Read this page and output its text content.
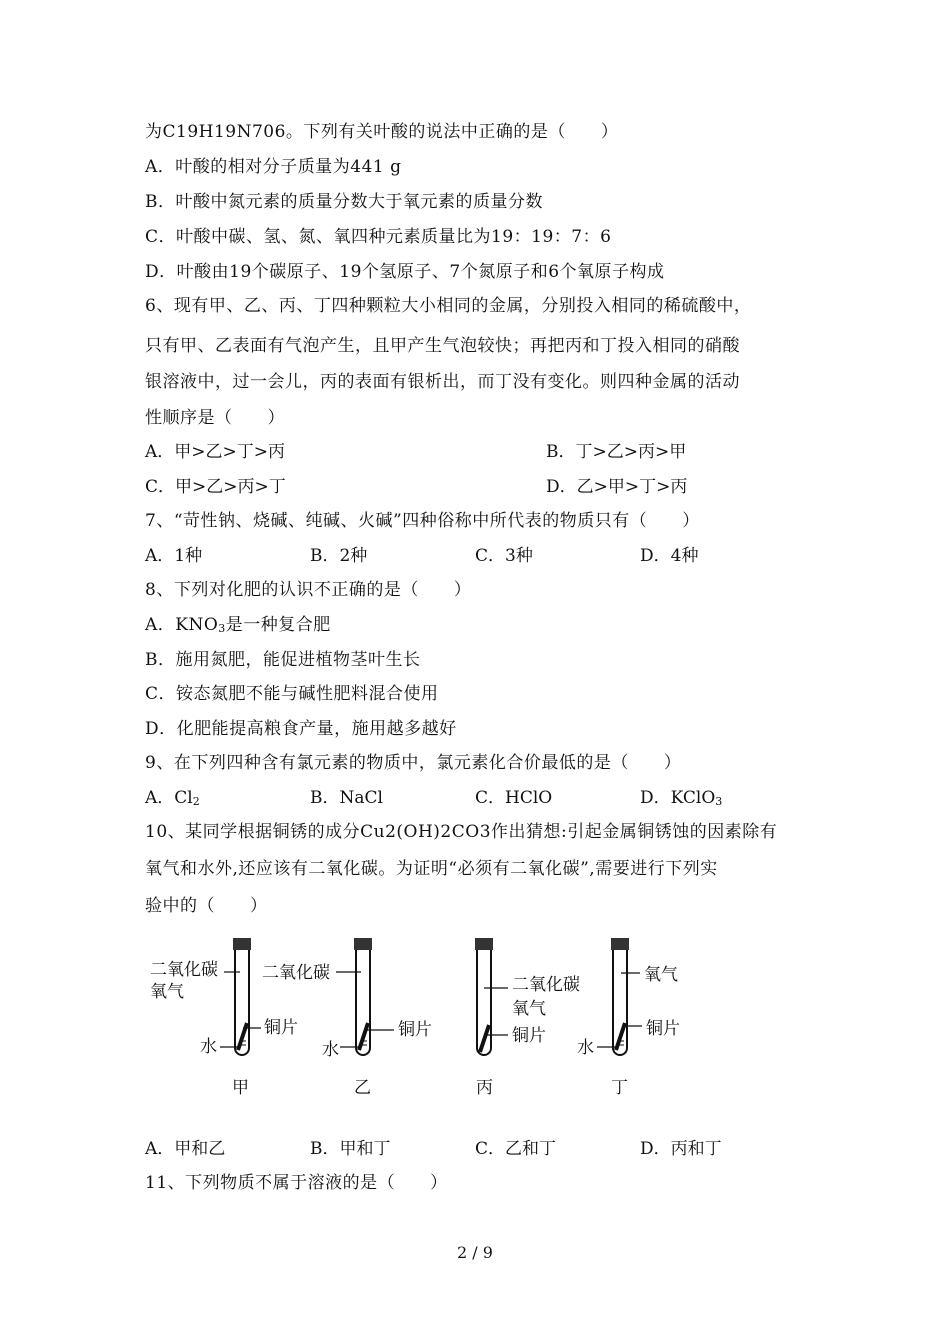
为C19H19N706。下列有关叶酸的说法中正确的是（　　）
A．叶酸的相对分子质量为441 g
B．叶酸中氮元素的质量分数大于氧元素的质量分数
C．叶酸中碳、氢、氮、氧四种元素质量比为19：19：7：6
D．叶酸由19个碳原子、19个氢原子、7个氮原子和6个氧原子构成
6、现有甲、乙、丙、丁四种颗粒大小相同的金属，分别投入相同的稀硫酸中，
只有甲、乙表面有气泡产生，且甲产生气泡较快；再把丙和丁投入相同的硝酸
银溶液中，过一会儿，丙的表面有银析出，而丁没有变化。则四种金属的活动
性顺序是（　　）
A．甲>乙>丁>丙	B．丁>乙>丙>甲
C．甲>乙>丙>丁	D．乙>甲>丁>丙
7、“苛性钠、烧碱、纯碱、火碱”四种俗称中所代表的物质只有（　　）
A．1种	B．2种	C．3种	D．4种
8、下列对化肥的认识不正确的是（　　）
A．$KNO_3$是一种复合肥
B．施用氮肥，能促进植物茎叶生长
C．铵态氮肥不能与碱性肥料混合使用
D．化肥能提高粮食产量，施用越多越好
9、在下列四种含有氯元素的物质中，氯元素化合价最低的是（　　）
A．$Cl_2$	B．NaCl	C．HClO	D．KClO$_3$
10、某同学根据铜锈的成分Cu2(OH)2CO3作出猜想:引起金属铜锈蚀的因素除有
氧气和水外,还应该有二氧化碳。为证明“必须有二氧化碳”,需要进行下列实
验中的（　　）
二氧化碳
氧气
铜片
水
甲
二氧化碳
铜片
水
乙
二氧化碳
氧气
铜片
丙
氧气
铜片
水
丁
A．甲和乙	B．甲和丁	C．乙和丁	D．丙和丁
11、下列物质不属于溶液的是（　　）
2 / 9
